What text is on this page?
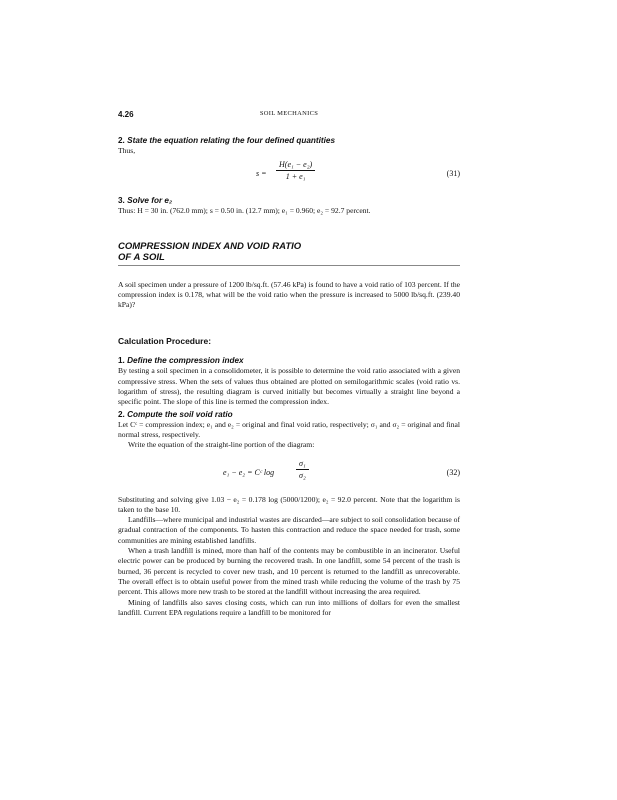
4.26	SOIL MECHANICS
2. State the equation relating the four defined quantities

Thus,

$s = \frac{\text{H(e₁ − e₂)}}{\text{1 + e₁}}$	(31)
3. Solve for e₂

Thus: H = 30 in. (762.0 mm); s = 0.50 in. (12.7 mm); e₁ = 0.960; e₂ = 92.7 percent.

COMPRESSION INDEX AND VOID RATIO
OF A SOIL

A soil specimen under a pressure of 1200 lb/sq.ft. (57.46 kPa) is found to have a void ratio of 103 percent. If the compression index is 0.178, what will be the void ratio when the pressure is increased to 5000 lb/sq.ft. (239.40 kPa)?

Calculation Procedure:
1. Define the compression index

By testing a soil specimen in a consolidometer, it is possible to determine the void ratio associated with a given compressive stress. When the sets of values thus obtained are plotted on semilogarithmic scales (void ratio vs. logarithm of stress), the resulting diagram is curved initially but becomes virtually a straight line beyond a specific point. The slope of this line is termed the compression index.

2. Compute the soil void ratio

Let Cᶜ = compression index; e₁ and e₂ = original and final void ratio, respectively; σ₁ and σ₂ = original and final normal stress, respectively.

Write the equation of the straight-line portion of the diagram:

e₁ − e₂ = Cᶜ log	$\frac{\text{σ₁}}{\text{σ₂}}$	(32)

Substituting and solving give 1.03 − e₂ = 0.178 log (5000/1200); e₂ = 92.0 percent. Note that the logarithm is taken to the base 10.

Landfills—where municipal and industrial wastes are discarded—are subject to soil consolidation because of gradual contraction of the components. To hasten this contraction and reduce the space needed for trash, some communities are mining established landfills.

When a trash landfill is mined, more than half of the contents may be combustible in an incinerator. Useful electric power can be produced by burning the recovered trash. In one landfill, some 54 percent of the trash is burned, 36 percent is recycled to cover new trash, and 10 percent is returned to the landfill as unrecoverable. The overall effect is to obtain useful power from the mined trash while reducing the volume of the trash by 75 percent. This allows more new trash to be stored at the landfill without increasing the area required.

Mining of landfills also saves closing costs, which can run into millions of dollars for even the smallest landfill. Current EPA regulations require a landfill to be monitored for
